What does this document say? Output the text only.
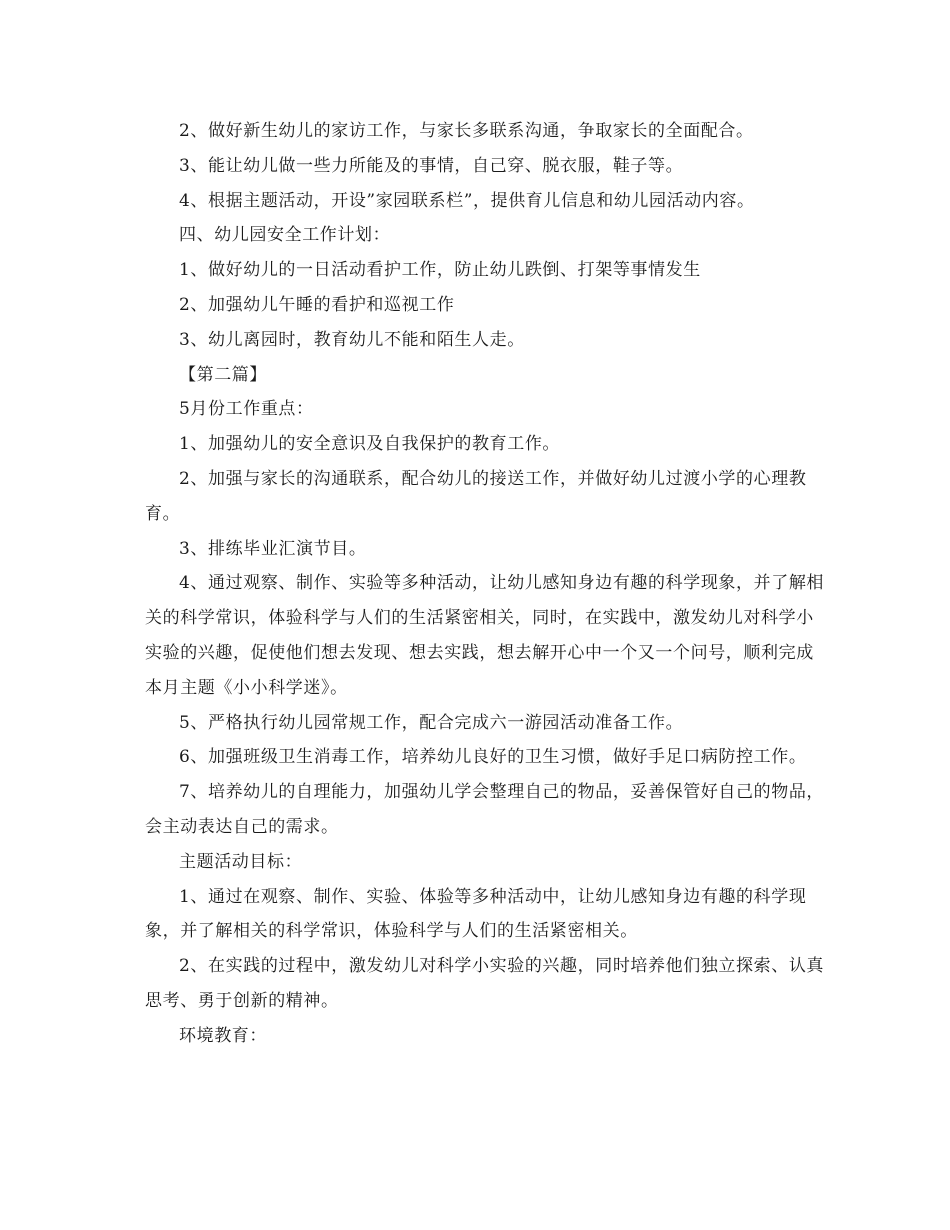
2、做好新生幼儿的家访工作，与家长多联系沟通，争取家长的全面配合。

3、能让幼儿做一些力所能及的事情，自己穿、脱衣服，鞋子等。

4、根据主题活动，开设”家园联系栏”，提供育儿信息和幼儿园活动内容。

四、幼儿园安全工作计划：

1、做好幼儿的一日活动看护工作，防止幼儿跌倒、打架等事情发生

2、加强幼儿午睡的看护和巡视工作

3、幼儿离园时，教育幼儿不能和陌生人走。

【第二篇】

5月份工作重点：

1、加强幼儿的安全意识及自我保护的教育工作。

2、加强与家长的沟通联系，配合幼儿的接送工作，并做好幼儿过渡小学的心理教育。

3、排练毕业汇演节目。

4、通过观察、制作、实验等多种活动，让幼儿感知身边有趣的科学现象，并了解相关的科学常识，体验科学与人们的生活紧密相关，同时，在实践中，激发幼儿对科学小实验的兴趣，促使他们想去发现、想去实践，想去解开心中一个又一个问号，顺利完成本月主题《小小科学迷》。

5、严格执行幼儿园常规工作，配合完成六一游园活动准备工作。

6、加强班级卫生消毒工作，培养幼儿良好的卫生习惯，做好手足口病防控工作。

7、培养幼儿的自理能力，加强幼儿学会整理自己的物品，妥善保管好自己的物品，会主动表达自己的需求。

主题活动目标：

1、通过在观察、制作、实验、体验等多种活动中，让幼儿感知身边有趣的科学现象，并了解相关的科学常识，体验科学与人们的生活紧密相关。

2、在实践的过程中，激发幼儿对科学小实验的兴趣，同时培养他们独立探索、认真思考、勇于创新的精神。

环境教育：
